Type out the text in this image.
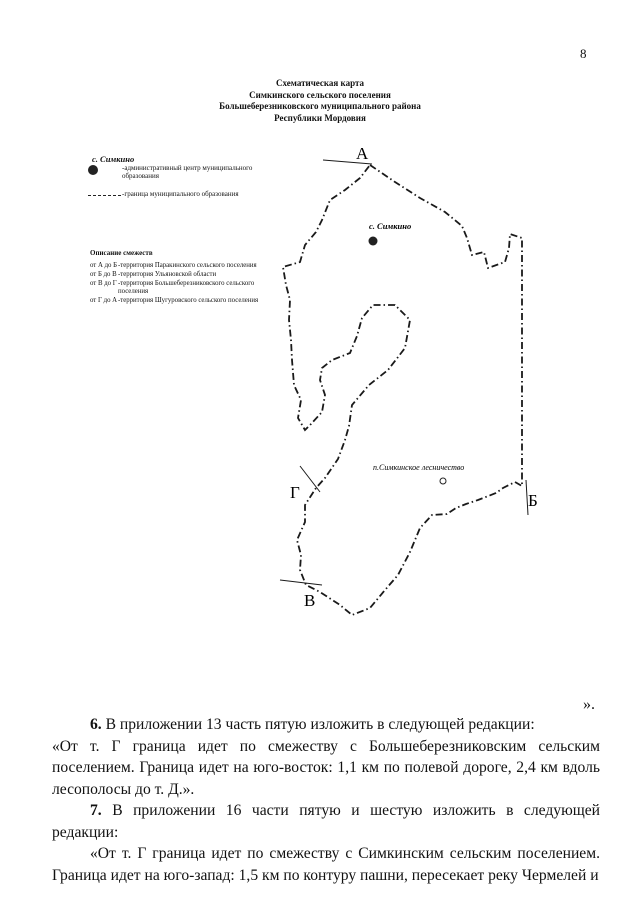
8
Схематическая карта
Симкинского сельского поселения
Большеберезниковского муниципального района
Республики Мордовия
с. Симкино
-административный центр муниципального образования
-граница муниципального образования
Описание смежеств
от А до Б -территория Паракинского сельского поселения
от Б до В -территория Ульяновской области
от В до Г -территория Большеберезниковского сельского поселения
от Г до А -территория Шугуровского сельского поселения
А
Б
В
Г
с. Симкино
п.Симкинское лесничество
».

6. В приложении 13 часть пятую изложить в следующей редакции:

«От т. Г граница идет по смежеству с Большеберезниковским сельским поселением. Граница идет на юго-восток: 1,1 км по полевой дороге, 2,4 км вдоль лесополосы до т. Д.».

7. В приложении 16 части пятую и шестую изложить в следующей редакции:

«От т. Г граница идет по смежеству с Симкинским сельским поселением. Граница идет на юго-запад: 1,5 км по контуру пашни, пересекает реку Чермелей и
